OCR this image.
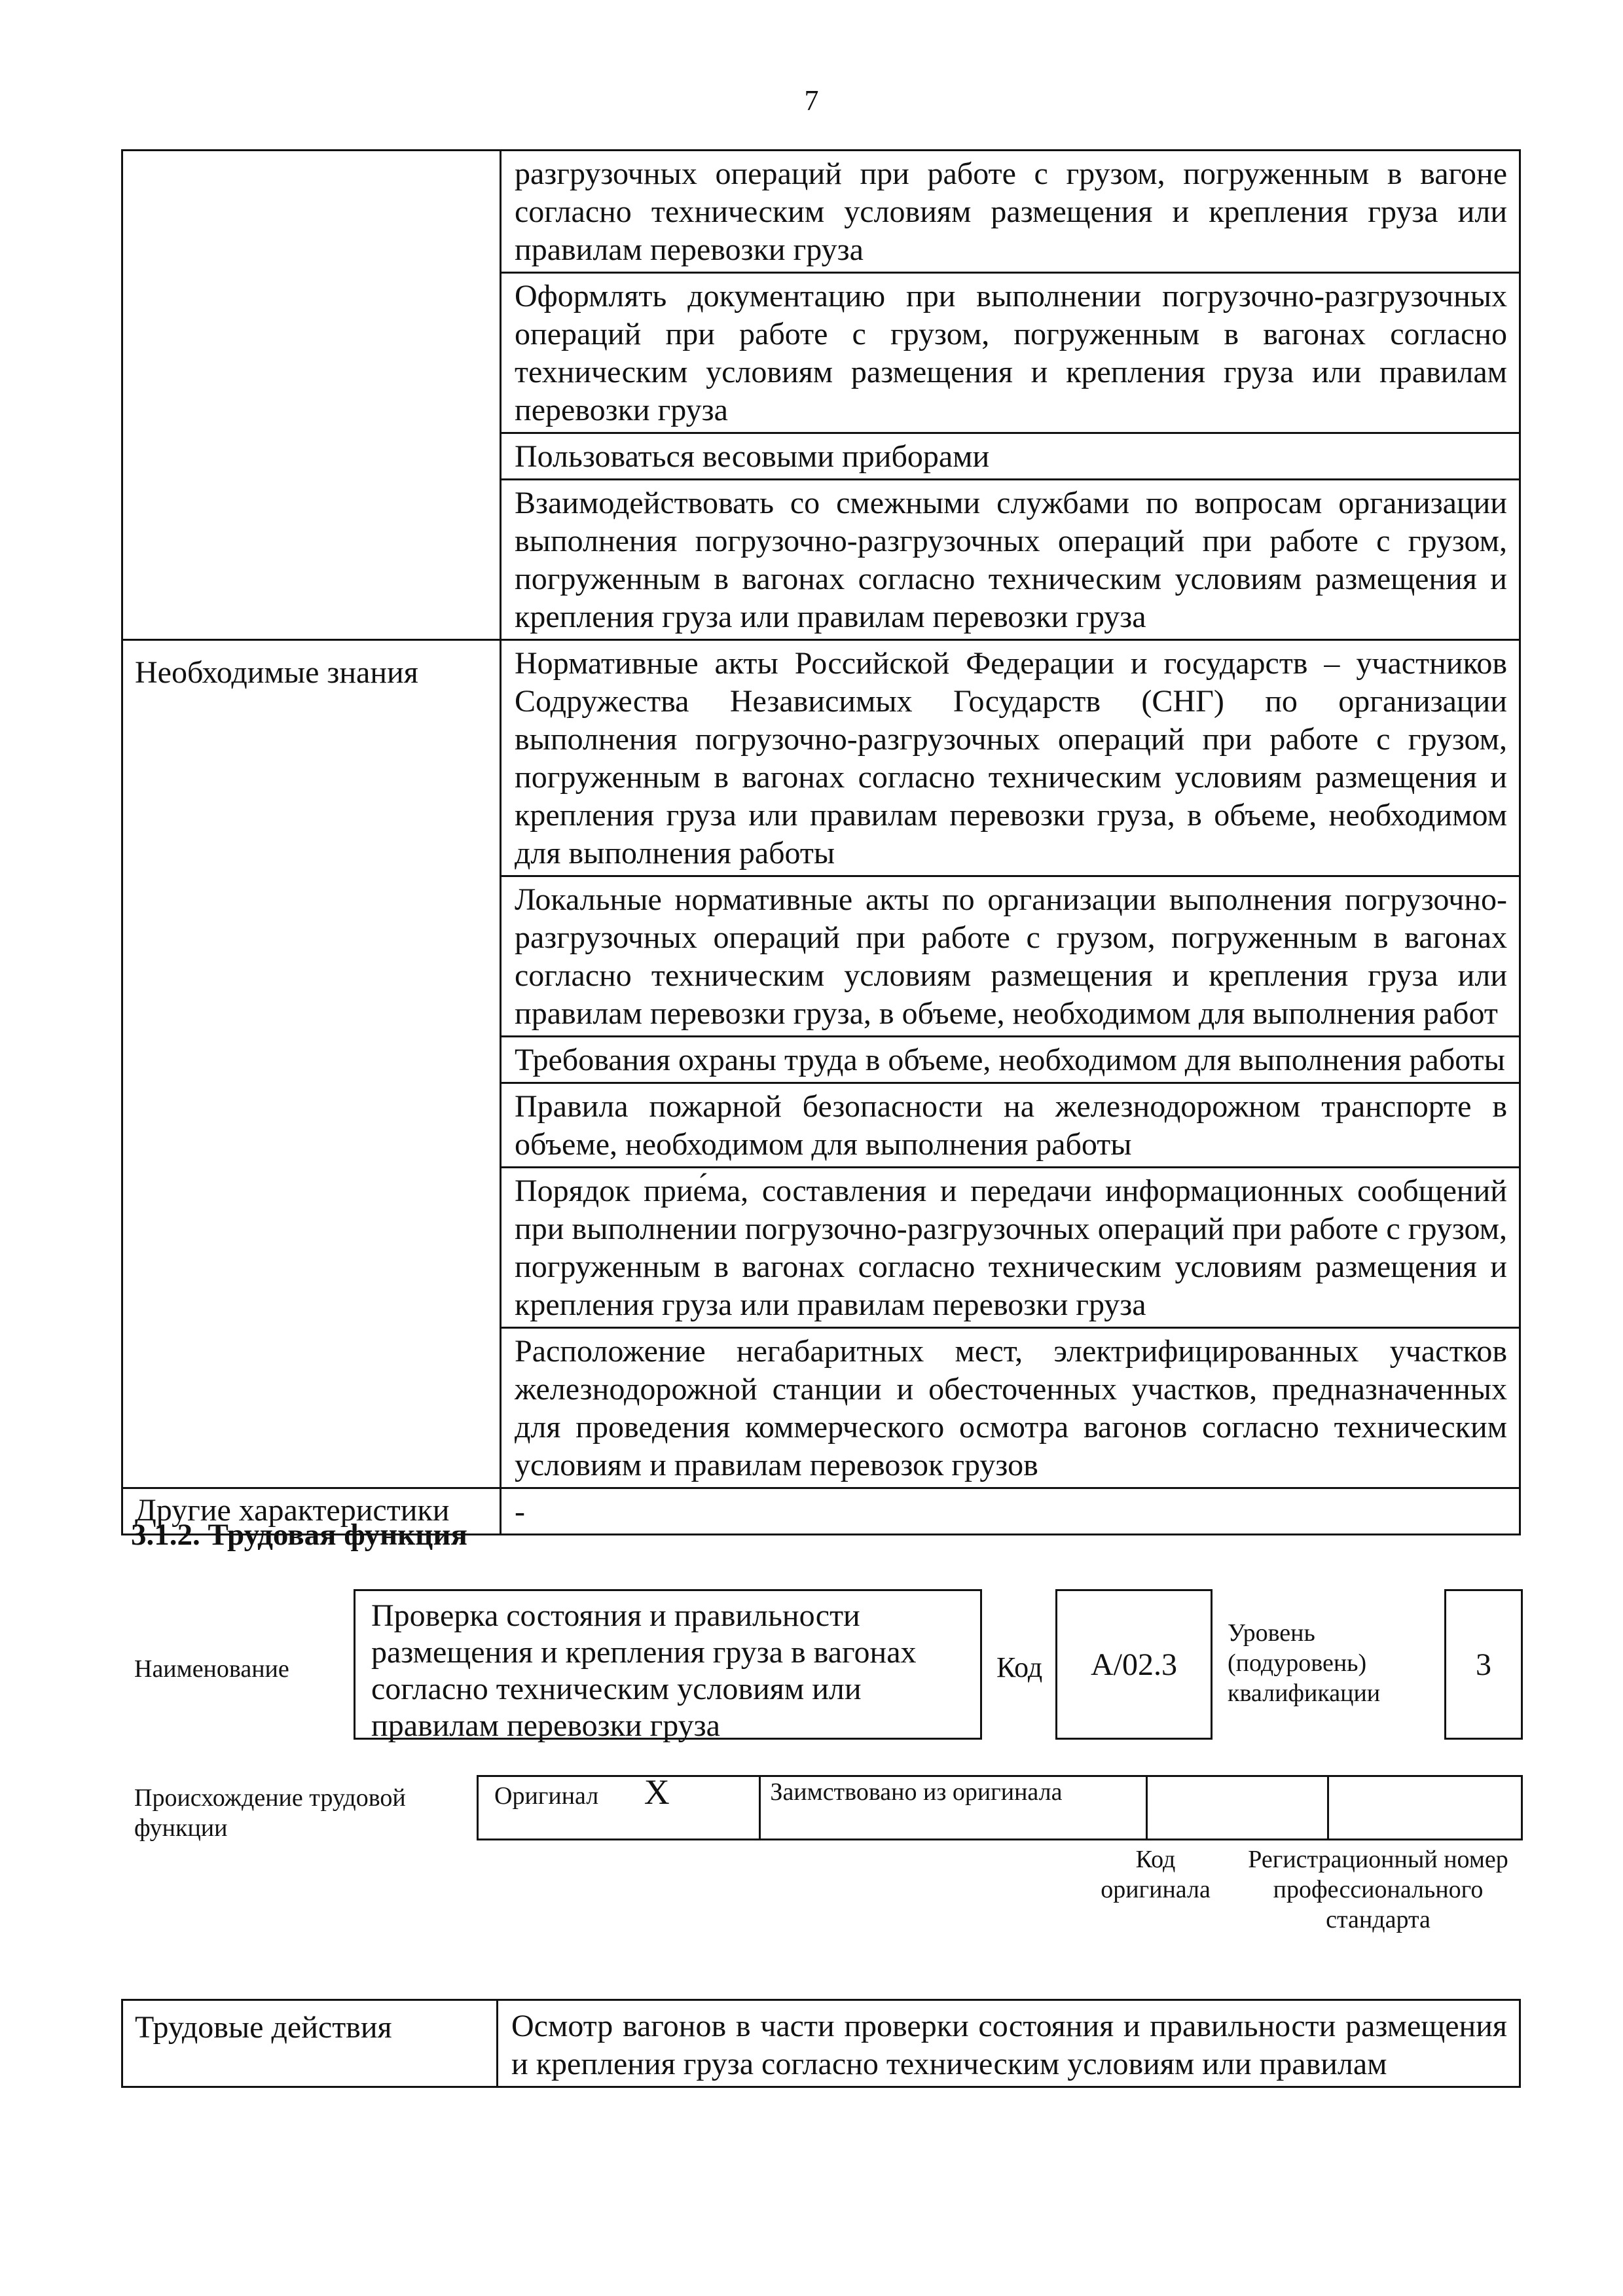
7
	разгрузочных операций при работе с грузом, погруженным в вагоне согласно техническим условиям размещения и крепления груза или правилам перевозки груза
	Оформлять документацию при выполнении погрузочно-разгрузочных операций при работе с грузом, погруженным в вагонах согласно техническим условиям размещения и крепления груза или правилам перевозки груза
	Пользоваться весовыми приборами
	Взаимодействовать со смежными службами по вопросам организации выполнения погрузочно-разгрузочных операций при работе с грузом, погруженным в вагонах согласно техническим условиям размещения и крепления груза или правилам перевозки груза
Необходимые знания	Нормативные акты Российской Федерации и государств – участников Содружества Независимых Государств (СНГ) по организации выполнения погрузочно-разгрузочных операций при работе с грузом, погруженным в вагонах согласно техническим условиям размещения и крепления груза или правилам перевозки груза, в объеме, необходимом для выполнения работы
	Локальные нормативные акты по организации выполнения погрузочно-разгрузочных операций при работе с грузом, погруженным в вагонах согласно техническим условиям размещения и крепления груза или правилам перевозки груза, в объеме, необходимом для выполнения работ
	Требования охраны труда в объеме, необходимом для выполнения работы
	Правила пожарной безопасности на железнодорожном транспорте в объеме, необходимом для выполнения работы
	Порядок прие́ма, составления и передачи информационных сообщений при выполнении погрузочно-разгрузочных операций при работе с грузом, погруженным в вагонах согласно техническим условиям размещения и крепления груза или правилам перевозки груза
	Расположение негабаритных мест, электрифицированных участков железнодорожной станции и обесточенных участков, предназначенных для проведения коммерческого осмотра вагонов согласно техническим условиям и правилам перевозок грузов
Другие характеристики	-
3.1.2. Трудовая функция
Наименование
Проверка состояния и правильности размещения и крепления груза в вагонах согласно техническим условиям или правилам перевозки груза
Код A/02.3
Уровень (подуровень) квалификации
3
Происхождение трудовой функции
Оригинал X	Заимствовано из оригинала		
Код оригинала
Регистрационный номер профессионального стандарта
Трудовые действия	Осмотр вагонов в части проверки состояния и правильности размещения и крепления груза согласно техническим условиям или правилам
